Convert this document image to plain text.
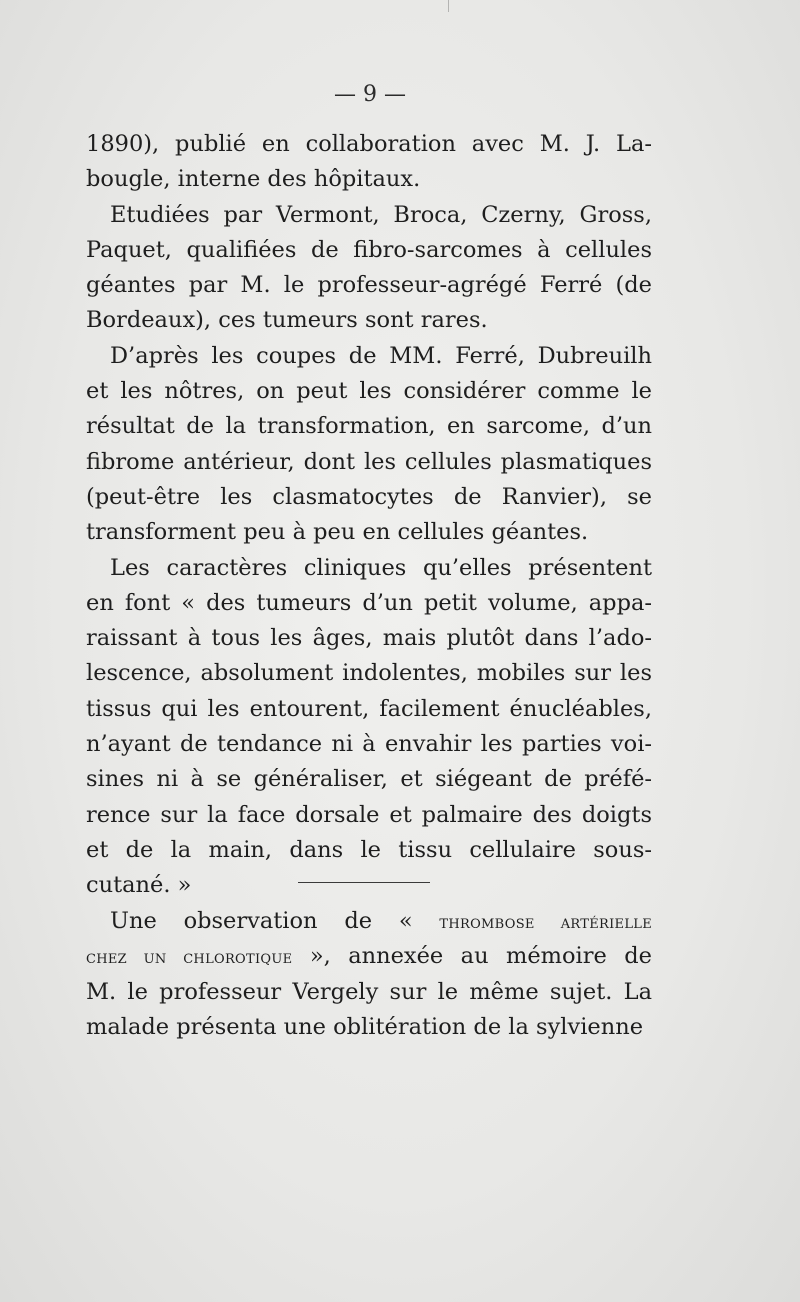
— 9 —
1890), publié en collaboration avec M. J. La-
bougle, interne des hôpitaux.
Etudiées par Vermont, Broca, Czerny, Gross,
Paquet, qualifiées de fibro-sarcomes à cellules
géantes par M. le professeur-agrégé Ferré (de
Bordeaux), ces tumeurs sont rares.
D’après les coupes de MM. Ferré, Dubreuilh
et les nôtres, on peut les considérer comme le
résultat de la transformation, en sarcome, d’un
fibrome antérieur, dont les cellules plasmatiques
(peut-être les clasmatocytes de Ranvier), se
transforment peu à peu en cellules géantes.
Les caractères cliniques qu’elles présentent
en font « des tumeurs d’un petit volume, appa-
raissant à tous les âges, mais plutôt dans l’ado-
lescence, absolument indolentes, mobiles sur les
tissus qui les entourent, facilement énucléables,
n’ayant de tendance ni à envahir les parties voi-
sines ni à se généraliser, et siégeant de préfé-
rence sur la face dorsale et palmaire des doigts
et de la main, dans le tissu cellulaire sous-
cutané. »
Une observation de « thrombose artérielle
chez un chlorotique », annexée au mémoire de
M. le professeur Vergely sur le même sujet. La
malade présenta une oblitération de la sylvienne
